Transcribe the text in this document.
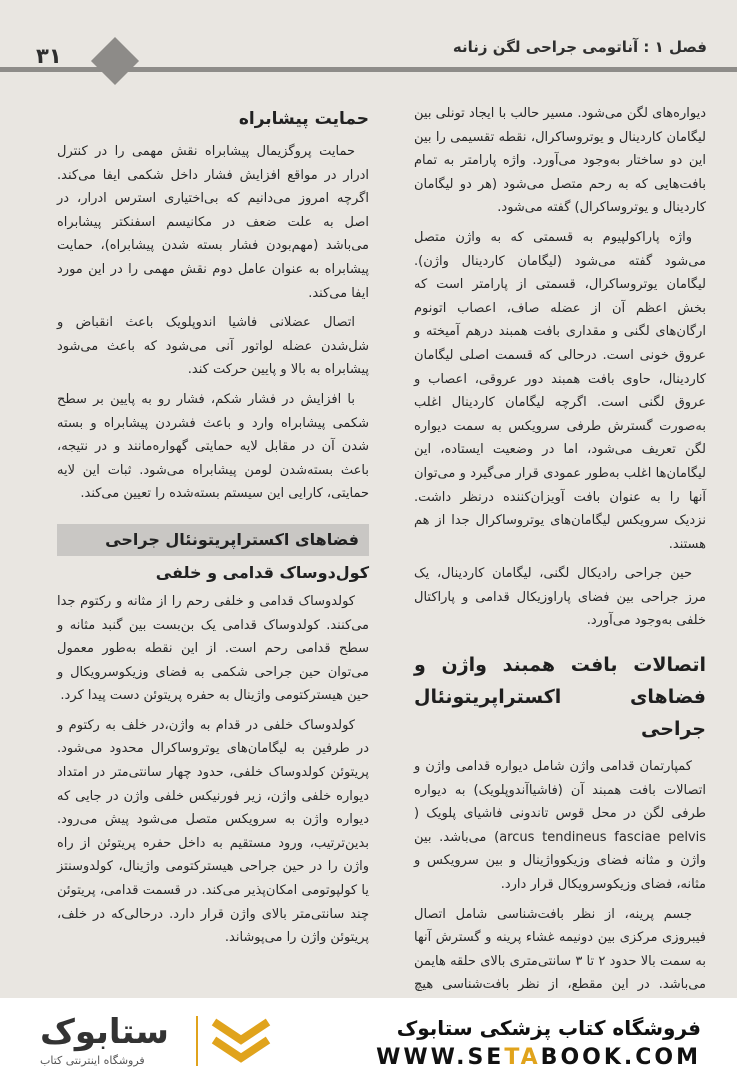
۳۱	فصل ۱ : آناتومی جراحی لگن زنانه

دیواره‌های لگن می‌شود. مسیر حالب با ایجاد تونلی بین لیگامان کاردینال و یوتروساکرال، نقطه تقسیمی را بین این دو ساختار به‌وجود می‌آورد. واژه پارامتر به تمام بافت‌هایی که به رحم متصل می‌شود (هر دو لیگامان کاردینال و یوتروساکرال) گفته می‌شود.

واژه پاراکولپیوم به قسمتی که به واژن متصل می‌شود گفته می‌شود (لیگامان کاردینال واژن). لیگامان یوتروساکرال، قسمتی از پارامتر است که بخش اعظم آن از عضله صاف، اعصاب اتونوم ارگان‌های لگنی و مقداری بافت همبند درهم آمیخته و عروق خونی است. درحالی که قسمت اصلی لیگامان کاردینال، حاوی بافت همبند دور عروقی، اعصاب و عروق لگنی است. اگرچه لیگامان کاردینال اغلب به‌صورت گسترش طرفی سرویکس به سمت دیواره لگن تعریف می‌شود، اما در وضعیت ایستاده، این لیگامان‌ها اغلب به‌طور عمودی قرار می‌گیرد و می‌توان آنها را به عنوان بافت آویزان‌کننده درنظر داشت. نزدیک سرویکس لیگامان‌های یوتروساکرال جدا از هم هستند.

حین جراحی رادیکال لگنی، لیگامان کاردینال، یک مرز جراحی بین فضای پاراوزیکال قدامی و پاراکتال خلفی به‌وجود می‌آورد.

اتصالات بافت همبند واژن و فضاهای اکستراپریتونئال جراحی

کمپارتمان قدامی واژن شامل دیواره قدامی واژن و اتصالات بافت همبند آن (فاشیاآندوپلویک) به دیواره طرفی لگن در محل قوس تاندونی فاشیای پلویک ( arcus tendineus fasciae pelvis) می‌باشد. بین واژن و مثانه فضای وزیکوواژینال و بین سرویکس و مثانه، فضای وزیکوسرویکال قرار دارد.

جسم پرینه، از نظر بافت‌شناسی شامل اتصال فیبروزی مرکزی بین دونیمه غشاء پرینه و گسترش آنها به سمت بالا حدود ۲ تا ۳ سانتی‌متری بالای حلقه هایمن می‌باشد. در این مقطع، از نظر بافت‌شناسی هیچ

حمایت پیشابراه

حمایت پروگزیمال پیشابراه نقش مهمی را در کنترل ادرار در مواقع افزایش فشار داخل شکمی ایفا می‌کند. اگرچه امروز می‌دانیم که بی‌اختیاری استرس ادرار، در اصل به علت ضعف در مکانیسم اسفنکتر پیشابراه می‌باشد (مهم‌بودن فشار بسته شدن پیشابراه)، حمایت پیشابراه به عنوان عامل دوم نقش مهمی را در این مورد ایفا می‌کند.

اتصال عضلانی فاشیا اندوپلویک باعث انقباض و شل‌شدن عضله لواتور آنی می‌شود که باعث می‌شود پیشابراه به بالا و پایین حرکت کند.

با افزایش در فشار شکم، فشار رو به پایین بر سطح شکمی پیشابراه وارد و باعث فشردن پیشابراه و بسته شدن آن در مقابل لایه حمایتی گهواره‌مانند و در نتیجه، باعث بسته‌شدن لومن پیشابراه می‌شود. ثبات این لایه حمایتی، کارایی این سیستم بسته‌شده را تعیین می‌کند.

فضاهای اکستراپریتونئال جراحی
کول‌دوساک قدامی و خلفی

کولدوساک قدامی و خلفی رحم را از مثانه و رکتوم جدا می‌کنند. کولدوساک قدامی یک بن‌بست بین گنبد مثانه و سطح قدامی رحم است. از این نقطه به‌طور معمول می‌توان حین جراحی شکمی به فضای وزیکوسرویکال و حین هیسترکتومی واژینال به حفره پریتوئن دست پیدا کرد.

کولدوساک خلفی در قدام به واژن،در خلف به رکتوم و در طرفین به لیگامان‌های یوتروساکرال محدود می‌شود. پریتوئن کولدوساک خلفی، حدود چهار سانتی‌متر در امتداد دیواره خلفی واژن، زیر فورنیکس خلفی واژن در جایی که دیواره واژن به سرویکس متصل می‌شود پیش می‌رود. بدین‌ترتیب، ورود مستقیم به داخل حفره پریتوئن از راه واژن را در حین جراحی هیسترکتومی واژینال، کولدوسنتز یا کولپوتومی امکان‌پذیر می‌کند. در قسمت قدامی، پریتوئن چند سانتی‌متر بالای واژن قرار دارد. درحالی‌که در خلف، پریتوئن واژن را می‌پوشاند.

فروشگاه کتاب پزشکی ستابوک
WWW.SETABOOK.COM
ستابوک
فروشگاه اینترنتی کتاب
